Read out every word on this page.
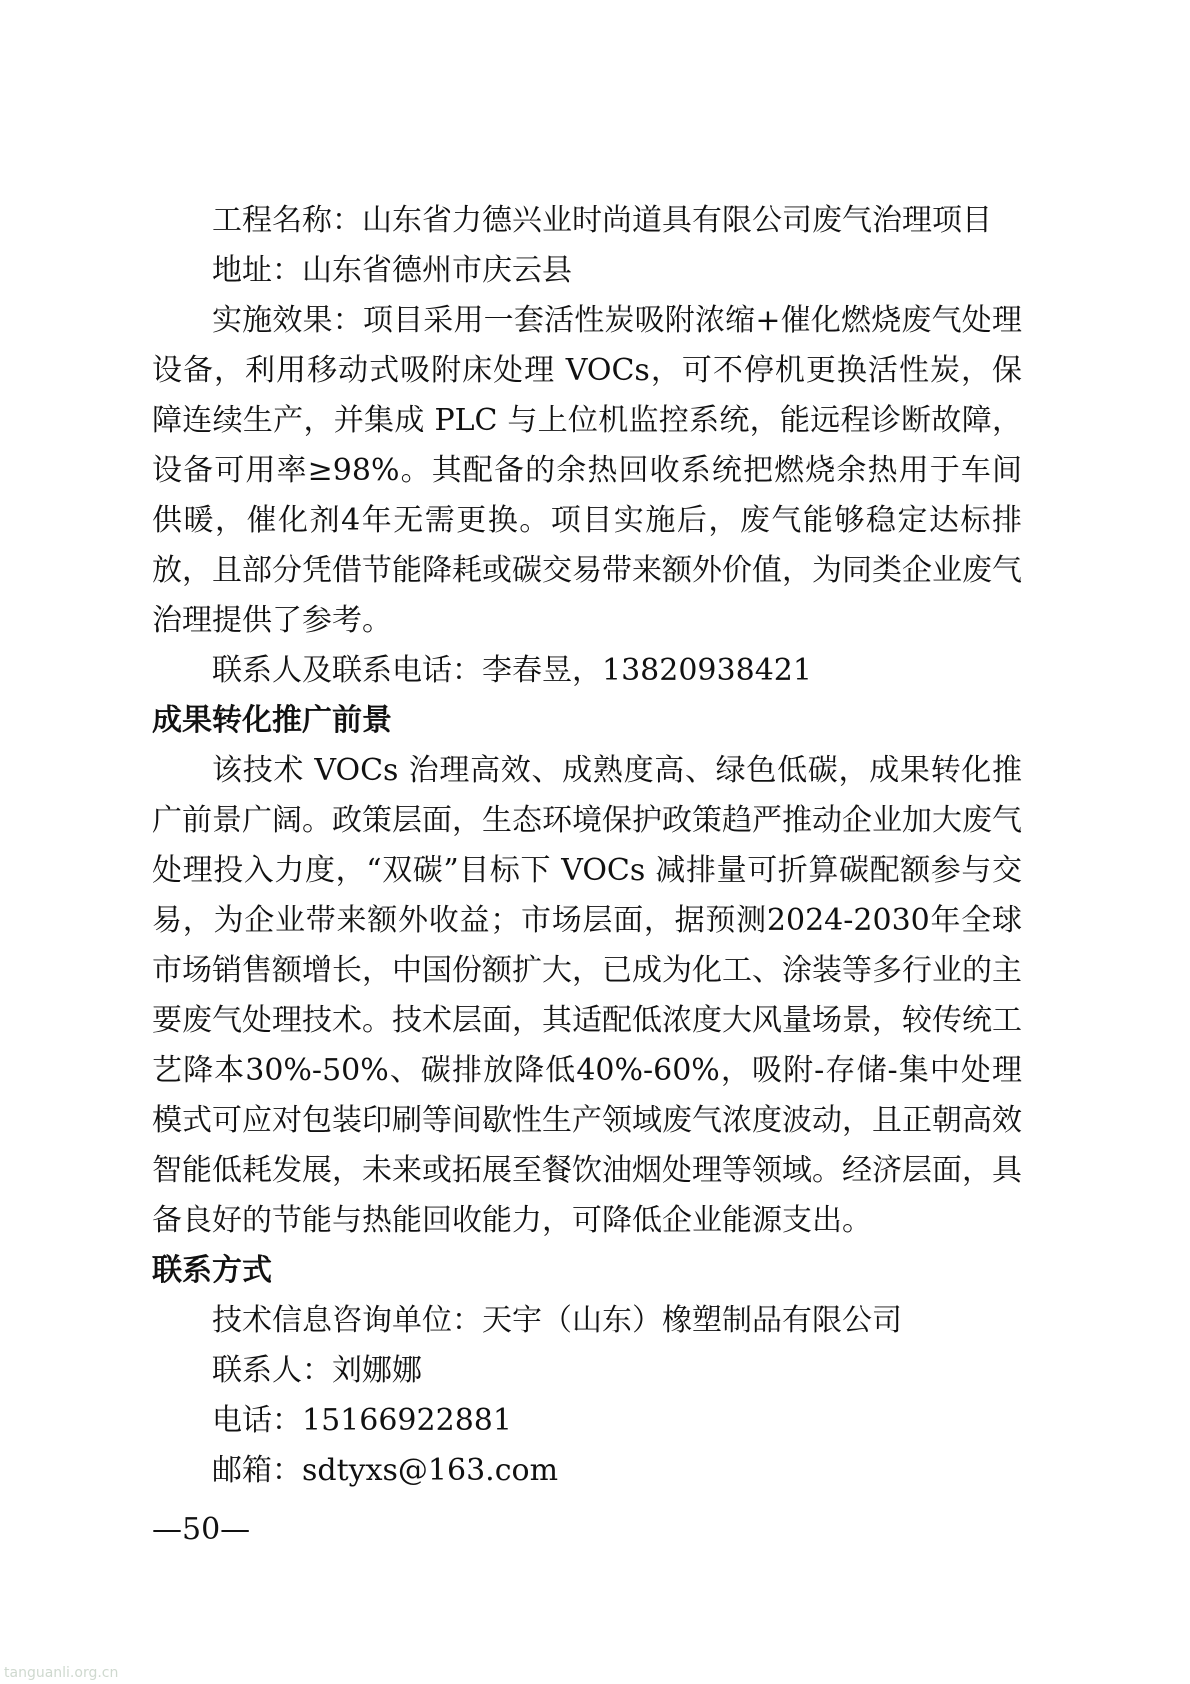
工程名称：山东省力德兴业时尚道具有限公司废气治理项目

地址：山东省德州市庆云县

实施效果：项目采用一套活性炭吸附浓缩+催化燃烧废气处理设备，利用移动式吸附床处理 VOCs，可不停机更换活性炭，保障连续生产，并集成 PLC 与上位机监控系统，能远程诊断故障，设备可用率≥98%。其配备的余热回收系统把燃烧余热用于车间供暖，催化剂4年无需更换。项目实施后，废气能够稳定达标排放，且部分凭借节能降耗或碳交易带来额外价值，为同类企业废气治理提供了参考。

联系人及联系电话：李春昱，13820938421

成果转化推广前景

该技术 VOCs 治理高效、成熟度高、绿色低碳，成果转化推广前景广阔。政策层面，生态环境保护政策趋严推动企业加大废气处理投入力度，“双碳”目标下 VOCs 减排量可折算碳配额参与交易，为企业带来额外收益；市场层面，据预测2024-2030年全球市场销售额增长，中国份额扩大，已成为化工、涂装等多行业的主要废气处理技术。技术层面，其适配低浓度大风量场景，较传统工艺降本30%-50%、碳排放降低40%-60%，吸附-存储-集中处理模式可应对包装印刷等间歇性生产领域废气浓度波动，且正朝高效智能低耗发展，未来或拓展至餐饮油烟处理等领域。经济层面，具备良好的节能与热能回收能力，可降低企业能源支出。

联系方式

技术信息咨询单位：天宇（山东）橡塑制品有限公司

联系人：刘娜娜

电话：15166922881

邮箱：sdtyxs@163.com

—50—
tanguanli.org.cn
